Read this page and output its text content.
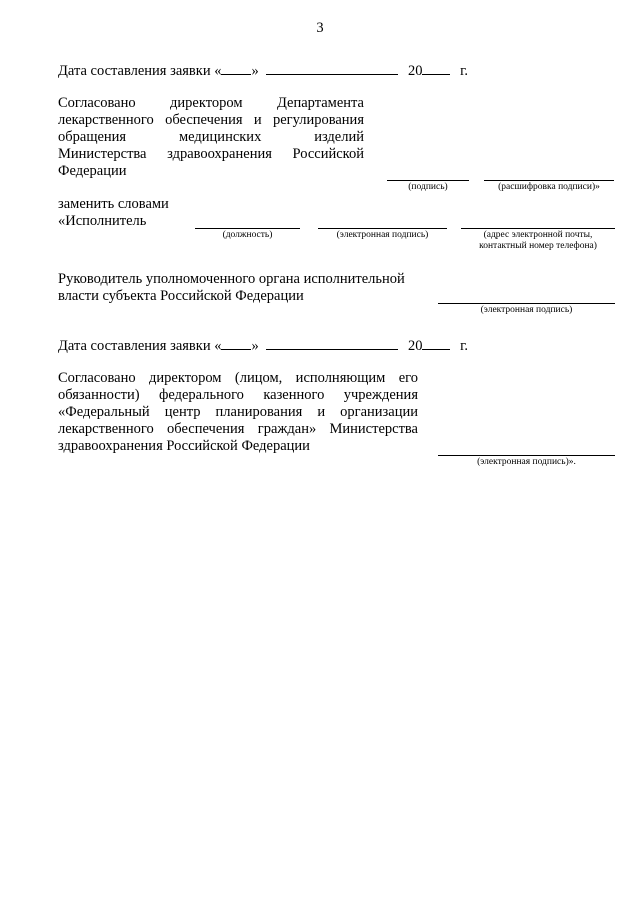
3
Дата составления заявки « »	20	г.
Согласовано директором Департамента
лекарственного обеспечения и регулирования
обращения медицинских изделий
Министерства здравоохранения Российской
Федерации
(подпись)	(расшифровка подписи)»
заменить словами
«Исполнитель
(должность)	(электронная подпись)	(адрес электронной почты,
контактный номер телефона)
Руководитель уполномоченного органа исполнительной
власти субъекта Российской Федерации
(электронная подпись)
Дата составления заявки « »	20	г.
Согласовано директором (лицом, исполняющим его
обязанности) федерального казенного учреждения
«Федеральный центр планирования и организации
лекарственного обеспечения граждан» Министерства
здравоохранения Российской Федерации
(электронная подпись)».
